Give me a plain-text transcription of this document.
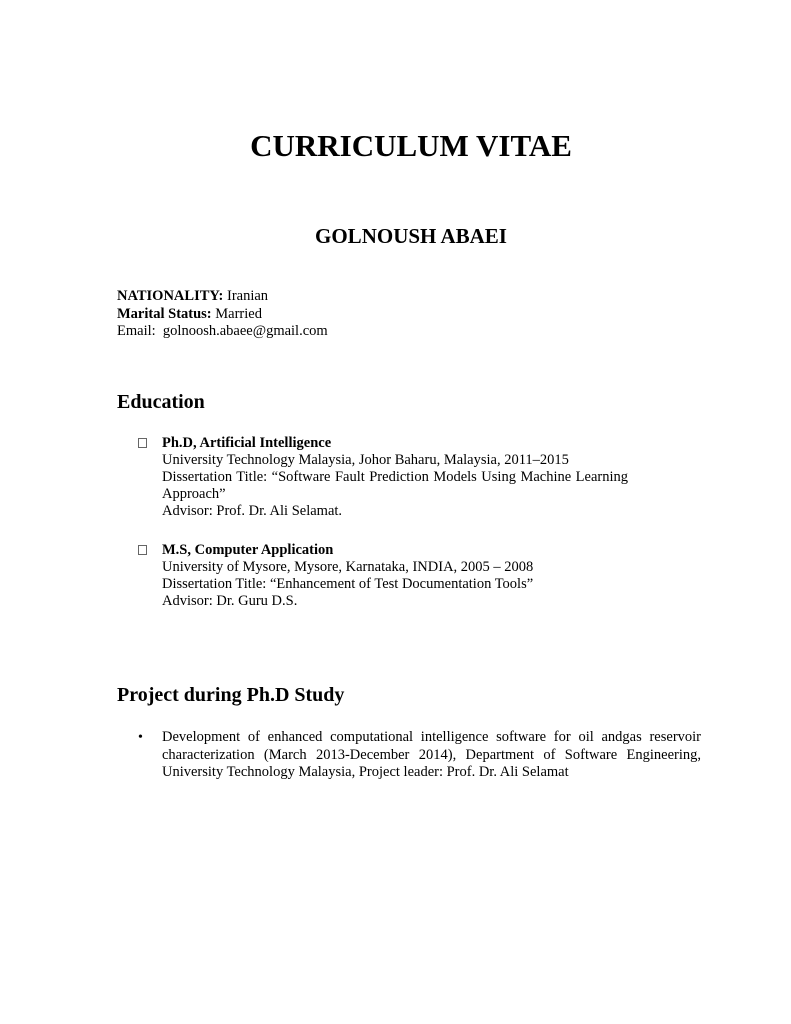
CURRICULUM VITAE
GOLNOUSH ABAEI
NATIONALITY: Iranian
Marital Status: Married
Email: golnoosh.abaee@gmail.com
Education
Ph.D, Artificial Intelligence
University Technology Malaysia, Johor Baharu, Malaysia, 2011–2015
Dissertation Title: “Software Fault Prediction Models Using Machine Learning Approach”
Advisor: Prof. Dr. Ali Selamat.
M.S, Computer Application
University of Mysore, Mysore, Karnataka, INDIA, 2005 – 2008
Dissertation Title: “Enhancement of Test Documentation Tools”
Advisor: Dr. Guru D.S.
Project during Ph.D Study
• Development of enhanced computational intelligence software for oil andgas reservoir characterization (March 2013-December 2014), Department of Software Engineering, University Technology Malaysia, Project leader: Prof. Dr. Ali Selamat
